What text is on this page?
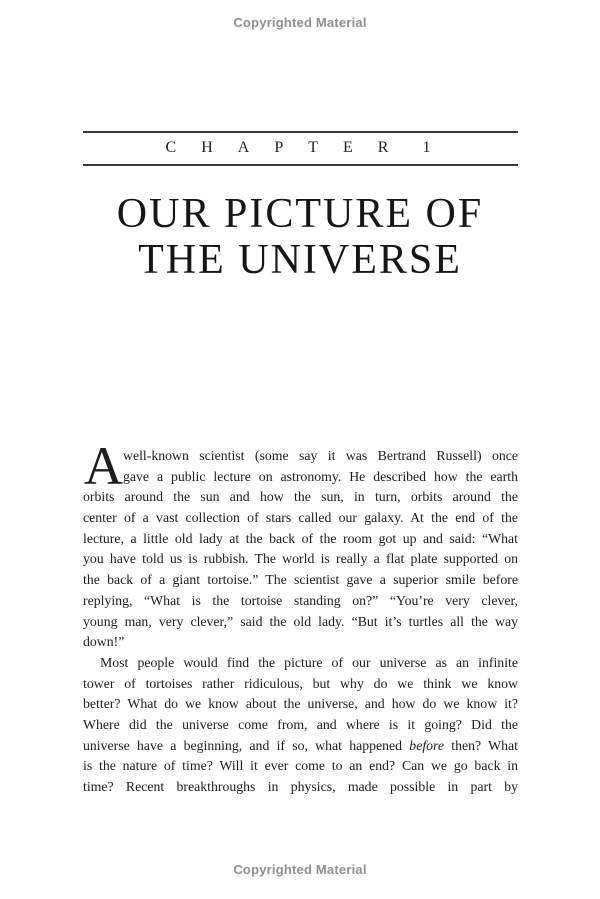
Copyrighted Material
CHAPTER 1
OUR PICTURE OF
THE UNIVERSE
A well-known scientist (some say it was Bertrand Russell) once
gave a public lecture on astronomy. He described how the earth
orbits around the sun and how the sun, in turn, orbits around the
center of a vast collection of stars called our galaxy. At the end of the
lecture, a little old lady at the back of the room got up and said: “What
you have told us is rubbish. The world is really a flat plate supported on
the back of a giant tortoise.” The scientist gave a superior smile before
replying, “What is the tortoise standing on?” “You’re very clever,
young man, very clever,” said the old lady. “But it’s turtles all the way
down!”
Most people would find the picture of our universe as an infinite
tower of tortoises rather ridiculous, but why do we think we know
better? What do we know about the universe, and how do we know it?
Where did the universe come from, and where is it going? Did the
universe have a beginning, and if so, what happened before then? What
is the nature of time? Will it ever come to an end? Can we go back in
time? Recent breakthroughs in physics, made possible in part by
Copyrighted Material
